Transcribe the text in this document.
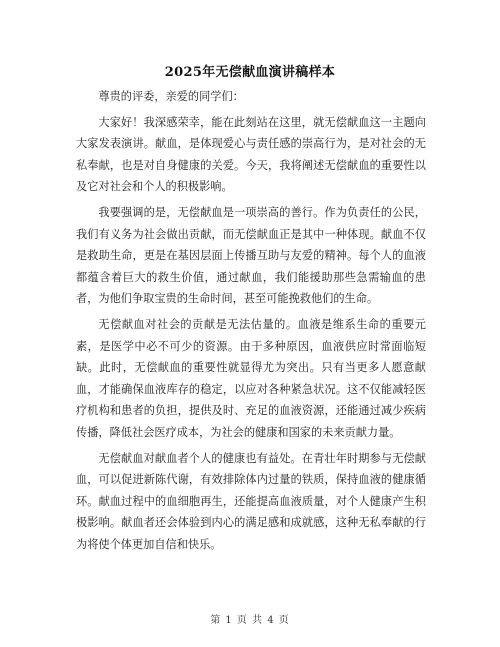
2025年无偿献血演讲稿样本

尊贵的评委，亲爱的同学们：

大家好！我深感荣幸，能在此刻站在这里，就无偿献血这一主题向大家发表演讲。献血，是体现爱心与责任感的崇高行为，是对社会的无私奉献，也是对自身健康的关爱。今天，我将阐述无偿献血的重要性以及它对社会和个人的积极影响。

我要强调的是，无偿献血是一项崇高的善行。作为负责任的公民，我们有义务为社会做出贡献，而无偿献血正是其中一种体现。献血不仅是救助生命，更是在基因层面上传播互助与友爱的精神。每个人的血液都蕴含着巨大的救生价值，通过献血，我们能援助那些急需输血的患者，为他们争取宝贵的生命时间，甚至可能挽救他们的生命。

无偿献血对社会的贡献是无法估量的。血液是维系生命的重要元素，是医学中必不可少的资源。由于多种原因，血液供应时常面临短缺。此时，无偿献血的重要性就显得尤为突出。只有当更多人愿意献血，才能确保血液库存的稳定，以应对各种紧急状况。这不仅能减轻医疗机构和患者的负担，提供及时、充足的血液资源，还能通过减少疾病传播，降低社会医疗成本，为社会的健康和国家的未来贡献力量。

无偿献血对献血者个人的健康也有益处。在青壮年时期参与无偿献血，可以促进新陈代谢，有效排除体内过量的铁质，保持血液的健康循环。献血过程中的血细胞再生，还能提高血液质量，对个人健康产生积极影响。献血者还会体验到内心的满足感和成就感，这种无私奉献的行为将使个体更加自信和快乐。

第 1 页 共 4 页
